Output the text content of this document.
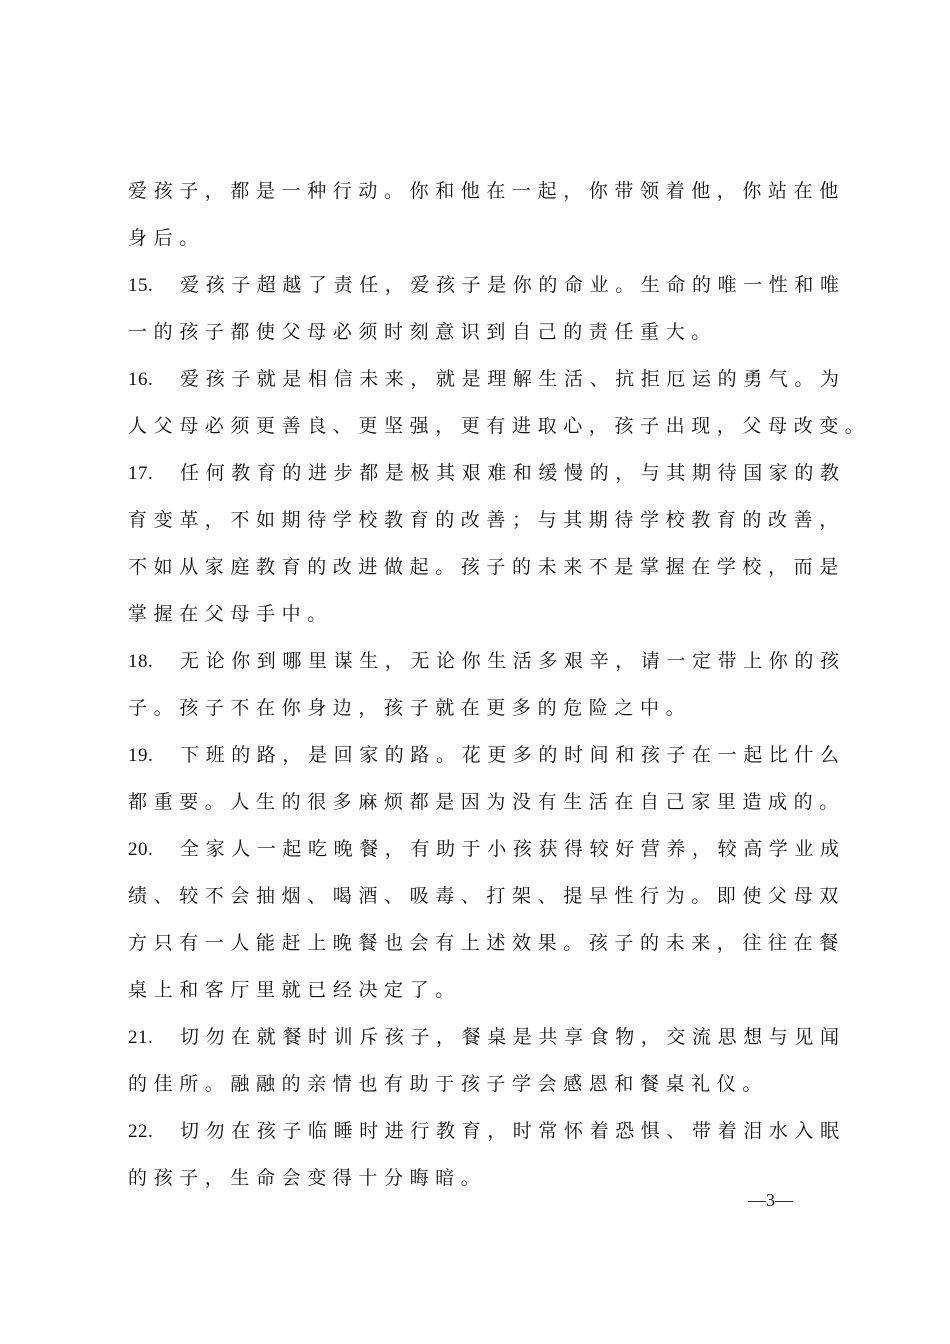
爱孩子，都是一种行动。你和他在一起，你带领着他，你站在他
身后。
15. 爱孩子超越了责任，爱孩子是你的命业。生命的唯一性和唯
一的孩子都使父母必须时刻意识到自己的责任重大。
16. 爱孩子就是相信未来，就是理解生活、抗拒厄运的勇气。为
人父母必须更善良、更坚强，更有进取心，孩子出现，父母改变。
17. 任何教育的进步都是极其艰难和缓慢的，与其期待国家的教
育变革，不如期待学校教育的改善；与其期待学校教育的改善，
不如从家庭教育的改进做起。孩子的未来不是掌握在学校，而是
掌握在父母手中。
18. 无论你到哪里谋生，无论你生活多艰辛，请一定带上你的孩
子。孩子不在你身边，孩子就在更多的危险之中。
19. 下班的路，是回家的路。花更多的时间和孩子在一起比什么
都重要。人生的很多麻烦都是因为没有生活在自己家里造成的。
20. 全家人一起吃晚餐，有助于小孩获得较好营养，较高学业成
绩、较不会抽烟、喝酒、吸毒、打架、提早性行为。即使父母双
方只有一人能赶上晚餐也会有上述效果。孩子的未来，往往在餐
桌上和客厅里就已经决定了。
21. 切勿在就餐时训斥孩子，餐桌是共享食物，交流思想与见闻
的佳所。融融的亲情也有助于孩子学会感恩和餐桌礼仪。
22. 切勿在孩子临睡时进行教育，时常怀着恐惧、带着泪水入眠
的孩子，生命会变得十分晦暗。
—3—
